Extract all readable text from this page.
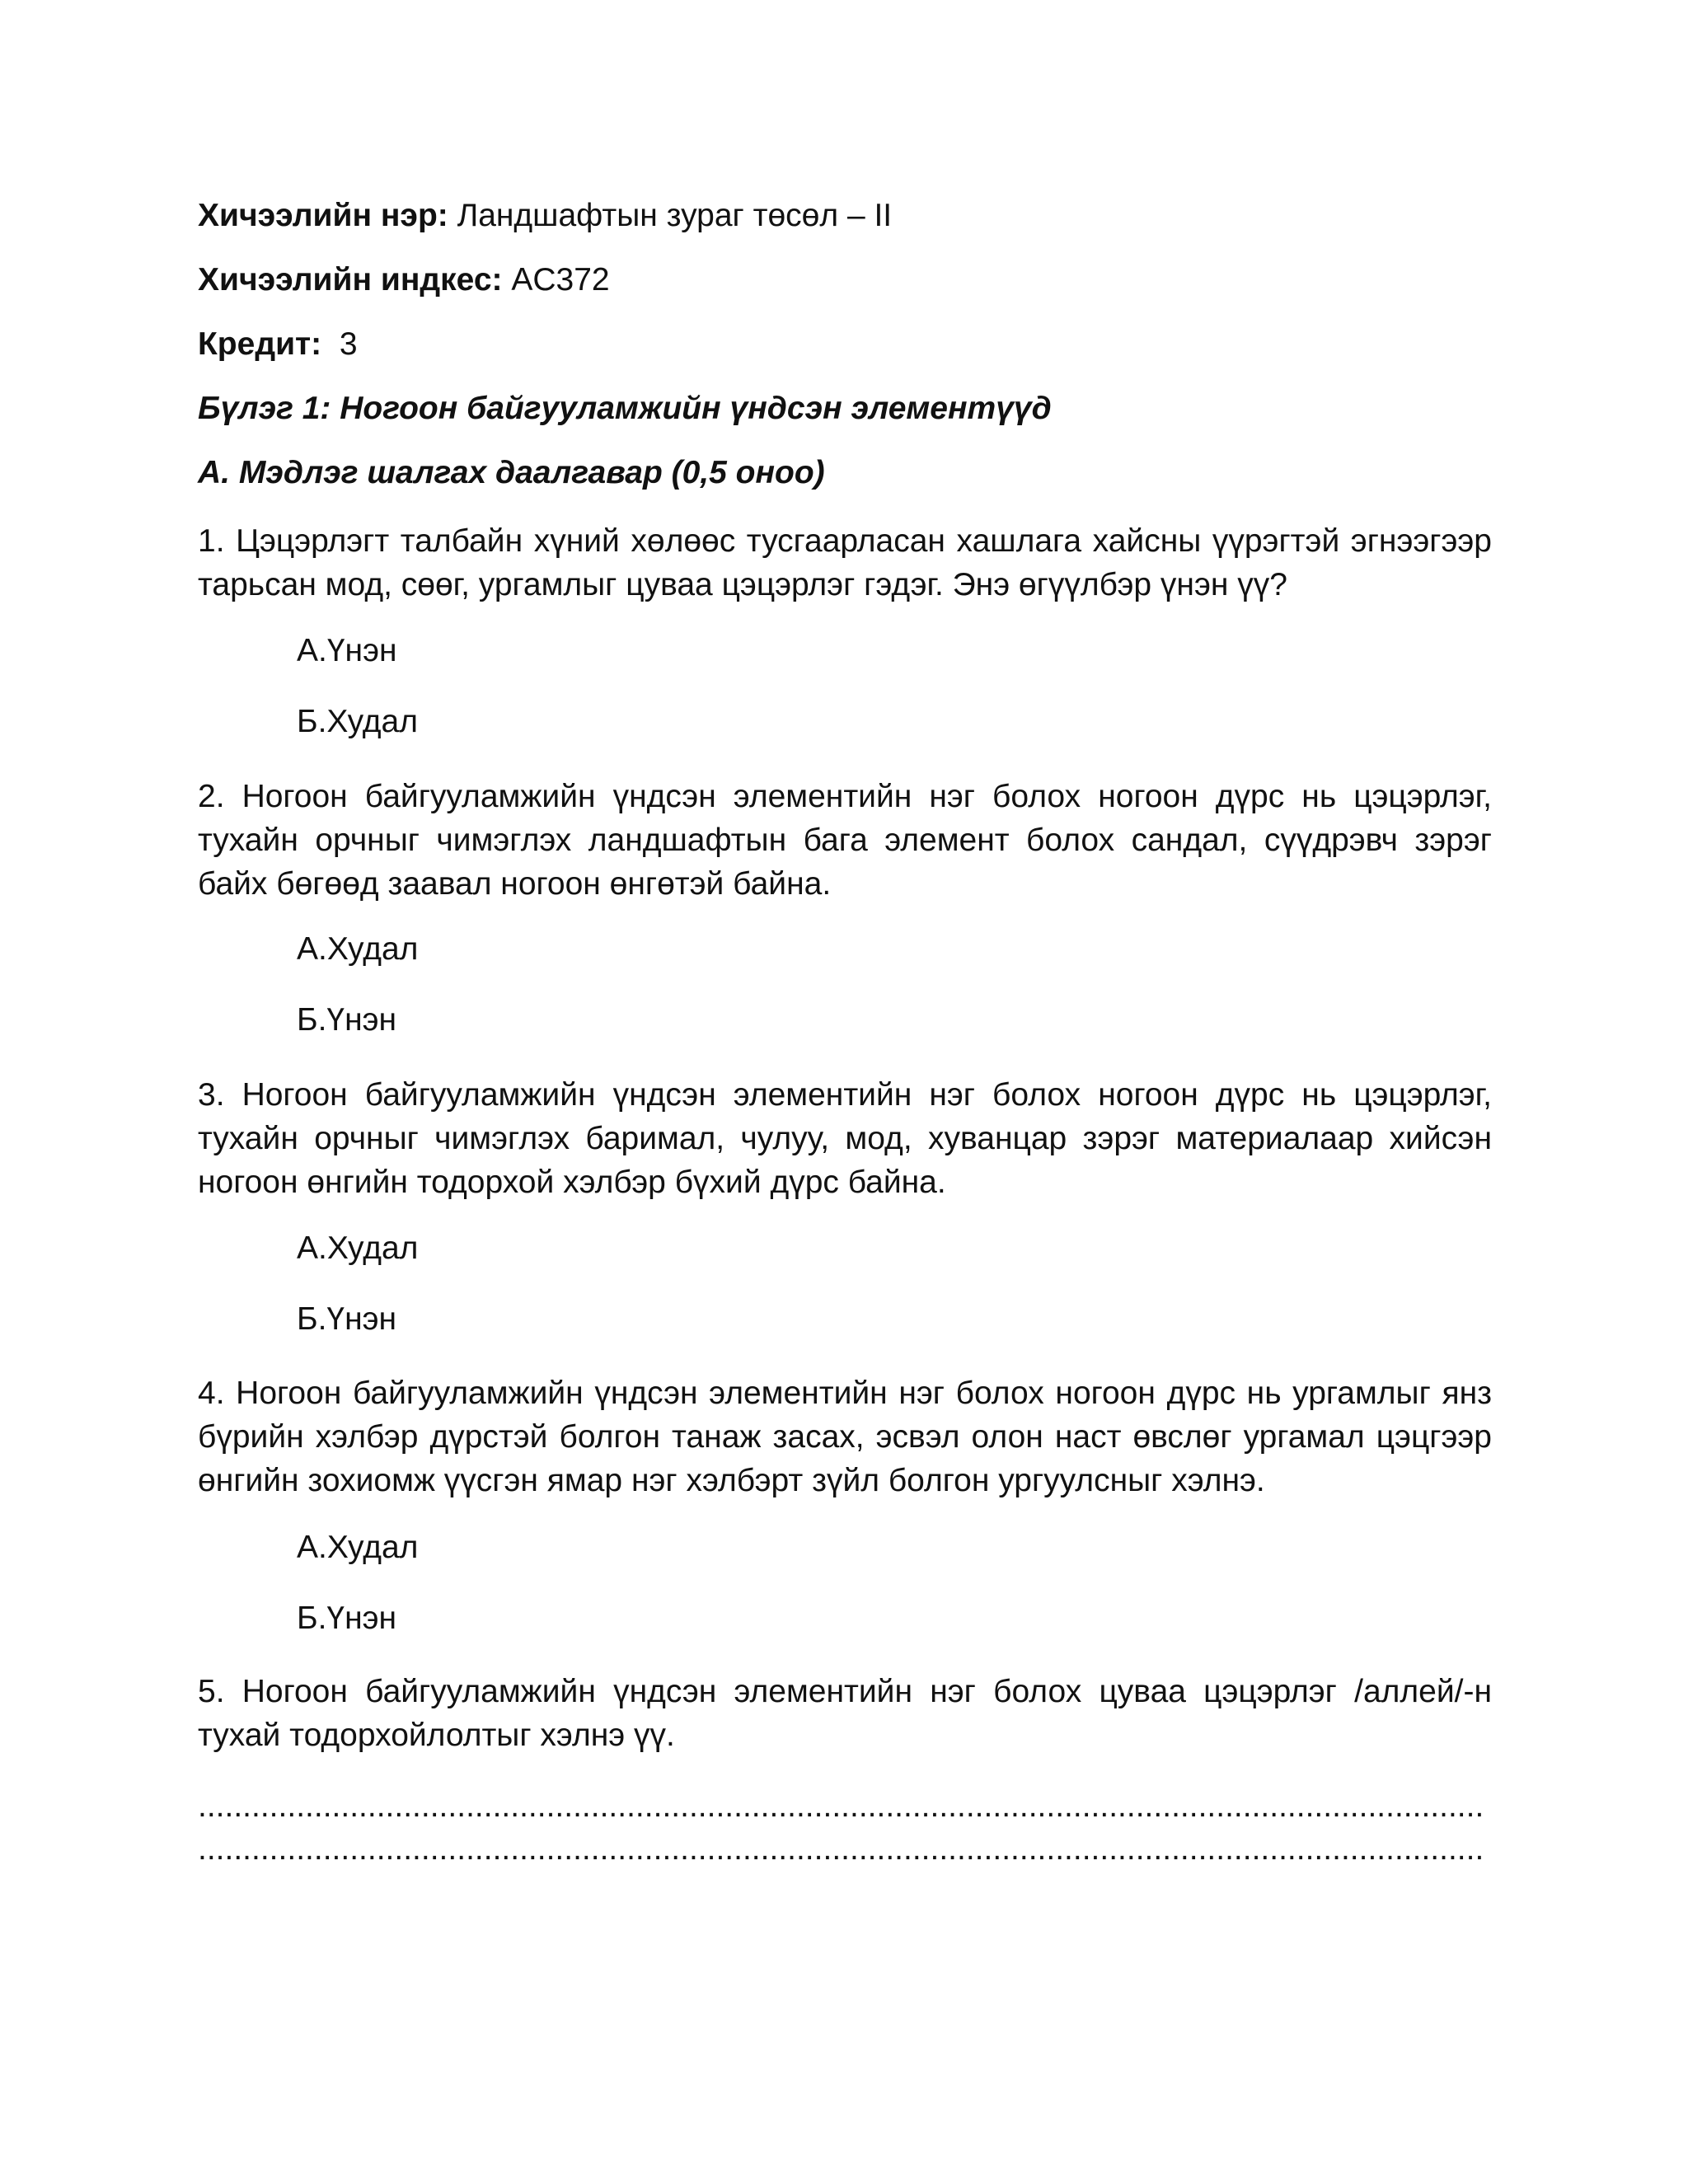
Хичээлийн нэр: Ландшафтын зураг төсөл – II
Хичээлийн индкес: AC372
Кредит: 3
Бүлэг 1: Ногоон байгууламжийн үндсэн элементүүд
А. Мэдлэг шалгах даалгавар (0,5 оноо)
1. Цэцэрлэгт талбайн хүний хөлөөс тусгаарласан хашлага хайсны үүрэгтэй эгнээгээр тарьсан мод, сөөг, ургамлыг цуваа цэцэрлэг гэдэг. Энэ өгүүлбэр үнэн үү?
А.Үнэн
Б.Худал
2. Ногоон байгууламжийн үндсэн элементийн нэг болох ногоон дүрс нь цэцэрлэг, тухайн орчныг чимэглэх ландшафтын бага элемент болох сандал, сүүдрэвч зэрэг байх бөгөөд заавал ногоон өнгөтэй байна.
А.Худал
Б.Үнэн
3. Ногоон байгууламжийн үндсэн элементийн нэг болох ногоон дүрс нь цэцэрлэг, тухайн орчныг чимэглэх баримал, чулуу, мод, хуванцар зэрэг материалаар хийсэн ногоон өнгийн тодорхой хэлбэр бүхий дүрс байна.
А.Худал
Б.Үнэн
4. Ногоон байгууламжийн үндсэн элементийн нэг болох ногоон дүрс нь ургамлыг янз бүрийн хэлбэр дүрстэй болгон танаж засах, эсвэл олон наст өвслөг ургамал цэцгээр өнгийн зохиомж үүсгэн ямар нэг хэлбэрт зүйл болгон ургуулсныг хэлнэ.
А.Худал
Б.Үнэн
5. Ногоон байгууламжийн үндсэн элементийн нэг болох цуваа цэцэрлэг /аллей/-н тухай тодорхойлолтыг хэлнэ үү.
................................................................................................................................................
................................................................................................................................................
